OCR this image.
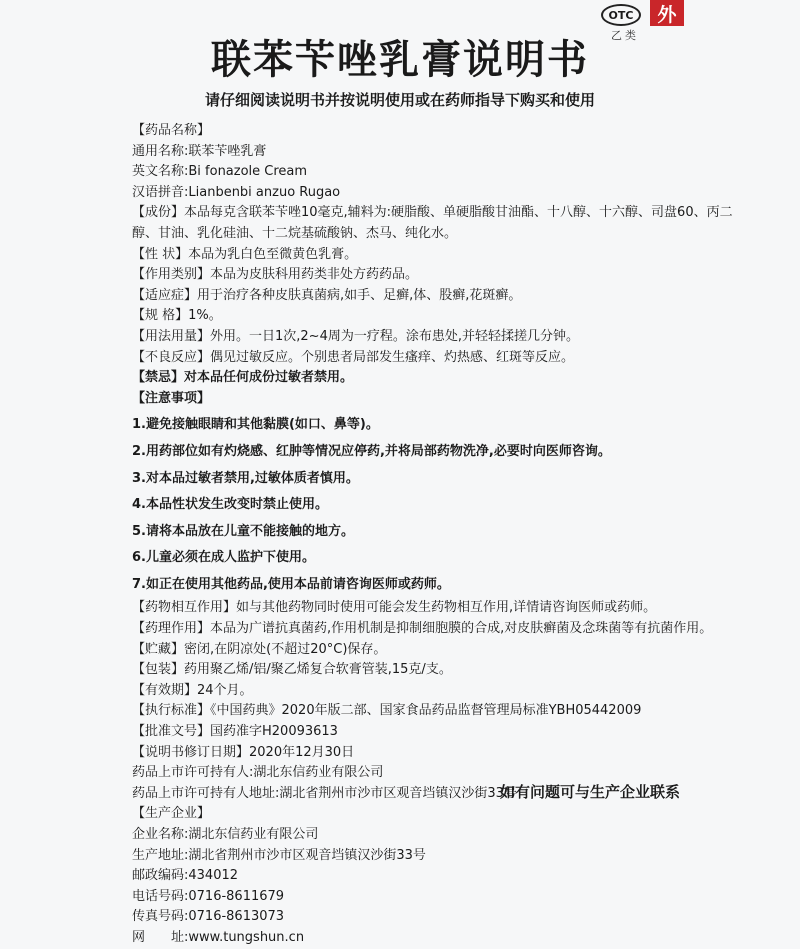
OTC	外
乙类
联苯苄唑乳膏说明书
请仔细阅读说明书并按说明使用或在药师指导下购买和使用
【药品名称】
通用名称:联苯苄唑乳膏
英文名称:Bi fonazole Cream
汉语拼音:Lianbenbi anzuo Rugao
【成份】本品每克含联苯苄唑10毫克,辅料为:硬脂酸、单硬脂酸甘油酯、十八醇、十六醇、司盘60、丙二
醇、甘油、乳化硅油、十二烷基硫酸钠、杰马、纯化水。
【性 状】本品为乳白色至微黄色乳膏。
【作用类别】本品为皮肤科用药类非处方药药品。
【适应症】用于治疗各种皮肤真菌病,如手、足癣,体、股癣,花斑癣。
【规 格】1%。
【用法用量】外用。一日1次,2~4周为一疗程。涂布患处,并轻轻揉搓几分钟。
【不良反应】偶见过敏反应。个别患者局部发生瘙痒、灼热感、红斑等反应。
【禁忌】对本品任何成份过敏者禁用。
【注意事项】
1.避免接触眼睛和其他黏膜(如口、鼻等)。
2.用药部位如有灼烧感、红肿等情况应停药,并将局部药物洗净,必要时向医师咨询。
3.对本品过敏者禁用,过敏体质者慎用。
4.本品性状发生改变时禁止使用。
5.请将本品放在儿童不能接触的地方。
6.儿童必须在成人监护下使用。
7.如正在使用其他药品,使用本品前请咨询医师或药师。
【药物相互作用】如与其他药物同时使用可能会发生药物相互作用,详情请咨询医师或药师。
【药理作用】本品为广谱抗真菌药,作用机制是抑制细胞膜的合成,对皮肤癣菌及念珠菌等有抗菌作用。
【贮藏】密闭,在阴凉处(不超过20°C)保存。
【包装】药用聚乙烯/铝/聚乙烯复合软膏管装,15克/支。
【有效期】24个月。
【执行标准】《中国药典》2020年版二部、国家食品药品监督管理局标准YBH05442009
【批准文号】国药准字H20093613
【说明书修订日期】2020年12月30日
药品上市许可持有人:湖北东信药业有限公司
药品上市许可持有人地址:湖北省荆州市沙市区观音垱镇汉沙街33号
【生产企业】
企业名称:湖北东信药业有限公司
生产地址:湖北省荆州市沙市区观音垱镇汉沙街33号
邮政编码:434012
电话号码:0716-8611679
传真号码:0716-8613073
网　　址:www.tungshun.cn
如有问题可与生产企业联系
